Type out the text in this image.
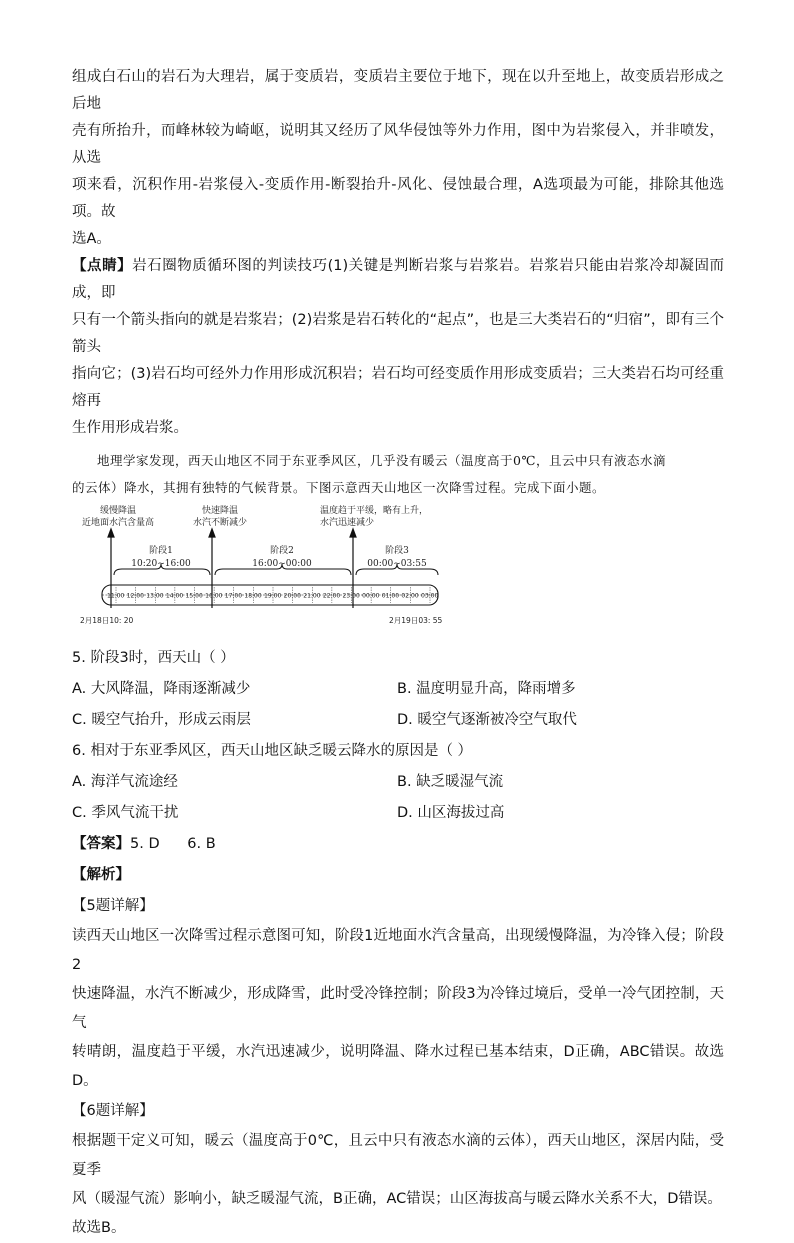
组成白石山的岩石为大理岩，属于变质岩，变质岩主要位于地下，现在以升至地上，故变质岩形成之后地

壳有所抬升，而峰林较为崎岖，说明其又经历了风华侵蚀等外力作用，图中为岩浆侵入，并非喷发，从选

项来看，沉积作用-岩浆侵入-变质作用-断裂抬升-风化、侵蚀最合理，A选项最为可能，排除其他选项。故

选A。

【点睛】岩石圈物质循环图的判读技巧(1)关键是判断岩浆与岩浆岩。岩浆岩只能由岩浆冷却凝固而成，即

只有一个箭头指向的就是岩浆岩；(2)岩浆是岩石转化的“起点”，也是三大类岩石的“归宿”，即有三个箭头

指向它；(3)岩石均可经外力作用形成沉积岩；岩石均可经变质作用形成变质岩；三大类岩石均可经重熔再

生作用形成岩浆。

地理学家发现，西天山地区不同于东亚季风区，几乎没有暖云（温度高于0℃，且云中只有液态水滴

的云体）降水，其拥有独特的气候背景。下图示意西天山地区一次降雪过程。完成下面小题。

缓慢降温
近地面水汽含量高
快速降温
水汽不断减少
温度趋于平缓，略有上升，
水汽迅速减少
阶段1
10:20~16:00
阶段2
16:00~00:00
阶段3
00:00~03:55
11:00 12:00 13:00 14:00 15:00 16:00 17:00 18:00 19:00 20:00 21:00 22:00 23:00 00:00 01:00 02:00 03:00
2月18日10: 20	2月19日03: 55
5. 阶段3时，西天山（ ）
A. 大风降温，降雨逐渐减少	B. 温度明显升高，降雨增多
C. 暖空气抬升，形成云雨层	D. 暖空气逐渐被冷空气取代
6. 相对于东亚季风区，西天山地区缺乏暖云降水的原因是（ ）
A. 海洋气流途经	B. 缺乏暖湿气流
C. 季风气流干扰	D. 山区海拔过高
【答案】5. D      6. B
【解析】
【5题详解】

读西天山地区一次降雪过程示意图可知，阶段1近地面水汽含量高，出现缓慢降温，为冷锋入侵；阶段2

快速降温，水汽不断减少，形成降雪，此时受冷锋控制；阶段3为冷锋过境后，受单一冷气团控制，天气

转晴朗，温度趋于平缓，水汽迅速减少，说明降温、降水过程已基本结束，D正确，ABC错误。故选D。

【6题详解】

根据题干定义可知，暖云（温度高于0℃，且云中只有液态水滴的云体），西天山地区，深居内陆，受夏季

风（暖湿气流）影响小，缺乏暖湿气流，B正确，AC错误；山区海拔高与暖云降水关系不大，D错误。

故选B。
